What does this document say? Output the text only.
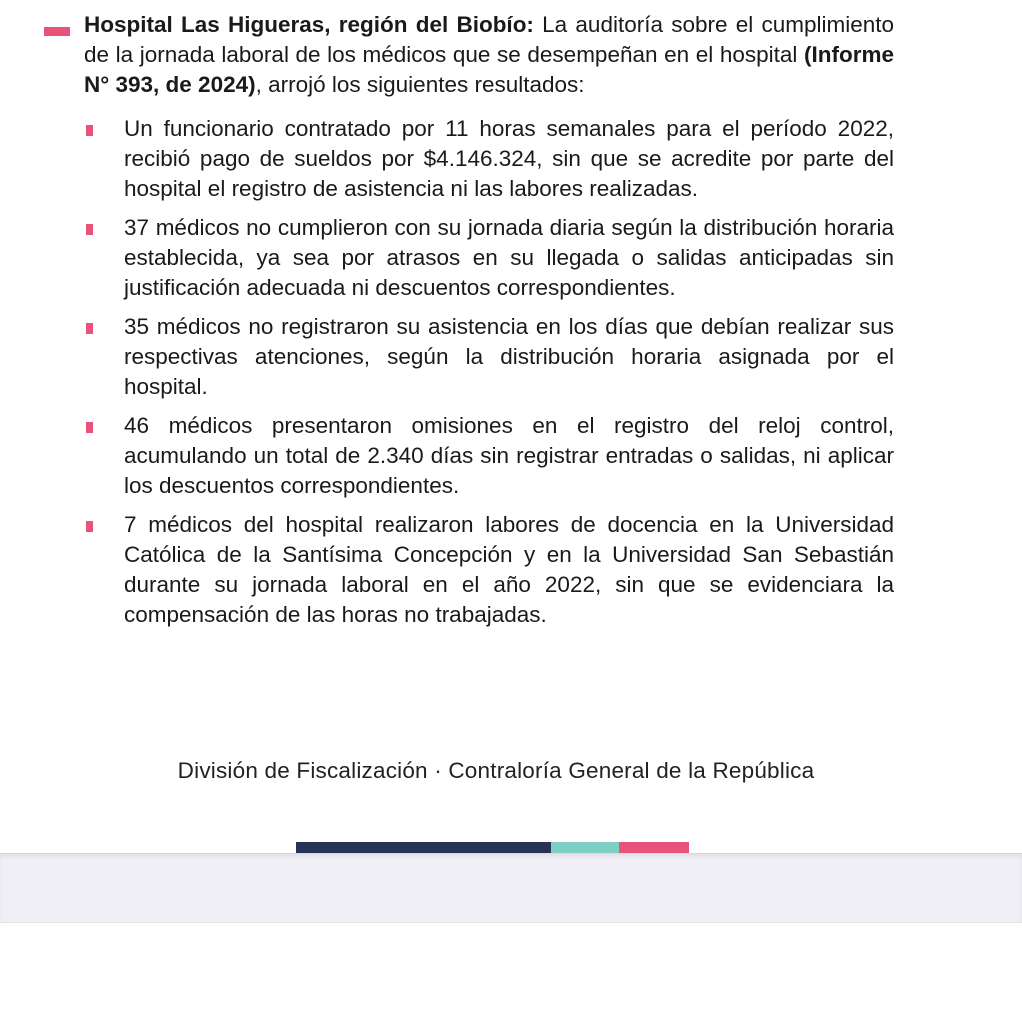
Hospital Las Higueras, región del Biobío: La auditoría sobre el cumplimiento de la jornada laboral de los médicos que se desempeñan en el hospital (Informe N° 393, de 2024), arrojó los siguientes resultados:

Un funcionario contratado por 11 horas semanales para el período 2022, recibió pago de sueldos por $4.146.324, sin que se acredite por parte del hospital el registro de asistencia ni las labores realizadas.
37 médicos no cumplieron con su jornada diaria según la distribución horaria establecida, ya sea por atrasos en su llegada o salidas anticipadas sin justificación adecuada ni descuentos correspondientes.
35 médicos no registraron su asistencia en los días que debían realizar sus respectivas atenciones, según la distribución horaria asignada por el hospital.
46 médicos presentaron omisiones en el registro del reloj control, acumulando un total de 2.340 días sin registrar entradas o salidas, ni aplicar los descuentos correspondientes.
7 médicos del hospital realizaron labores de docencia en la Universidad Católica de la Santísima Concepción y en la Universidad San Sebastián durante su jornada laboral en el año 2022, sin que se evidenciara la compensación de las horas no trabajadas.
División de Fiscalización · Contraloría General de la República
